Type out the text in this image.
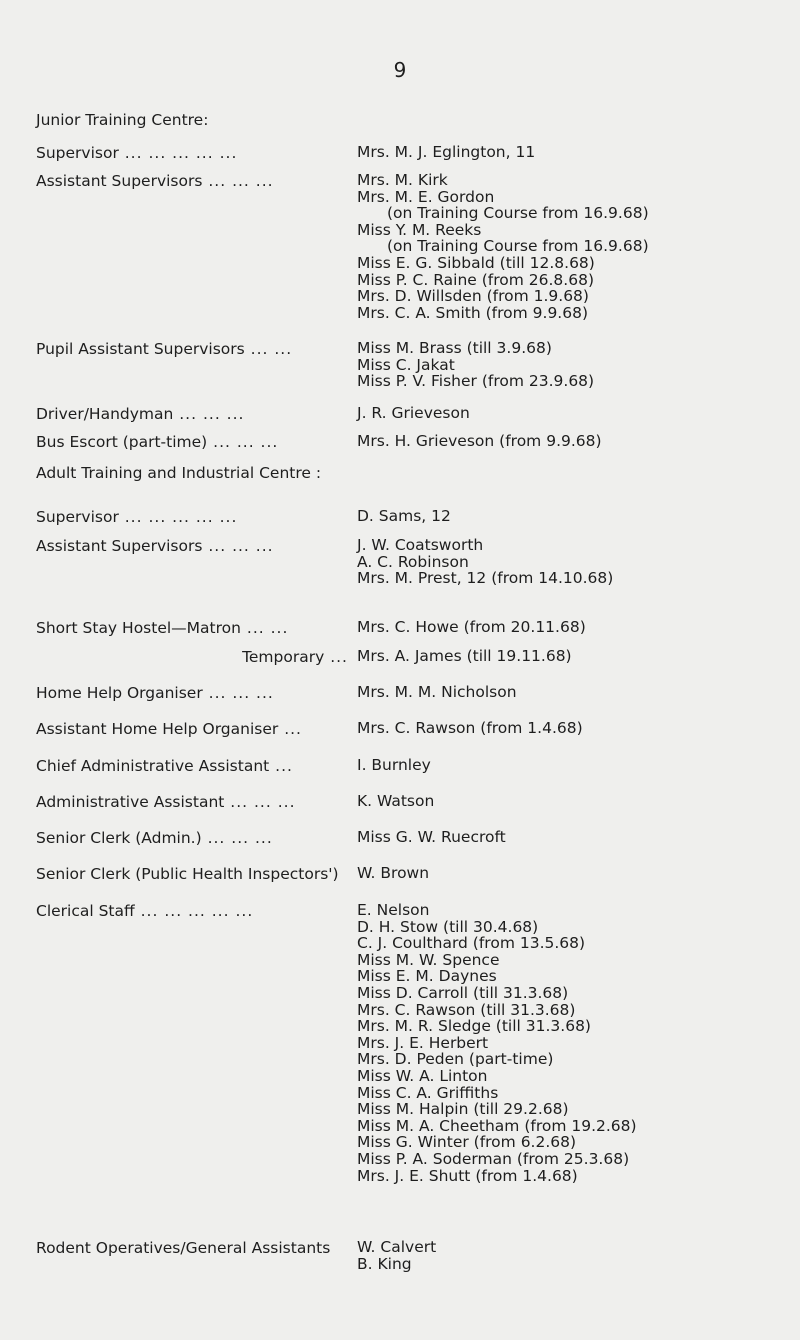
9
Junior Training Centre:
Supervisor ... ... ... ... ...	Mrs. M. J. Eglington, 11
Assistant Supervisors ... ... ...	Mrs. M. Kirk
Mrs. M. E. Gordon
(on Training Course from 16.9.68)
Miss Y. M. Reeks
(on Training Course from 16.9.68)
Miss E. G. Sibbald (till 12.8.68)
Miss P. C. Raine (from 26.8.68)
Mrs. D. Willsden (from 1.9.68)
Mrs. C. A. Smith (from 9.9.68)
Pupil Assistant Supervisors ... ...	Miss M. Brass (till 3.9.68)
Miss C. Jakat
Miss P. V. Fisher (from 23.9.68)
Driver/Handyman ... ... ...	J. R. Grieveson
Bus Escort (part-time) ... ... ...	Mrs. H. Grieveson (from 9.9.68)
Adult Training and Industrial Centre :
Supervisor ... ... ... ... ...	D. Sams, 12
Assistant Supervisors ... ... ...	J. W. Coatsworth
A. C. Robinson
Mrs. M. Prest, 12 (from 14.10.68)
Short Stay Hostel—Matron ... ...	Mrs. C. Howe (from 20.11.68)
Temporary ... Mrs. A. James (till 19.11.68)
Home Help Organiser ... ... ...	Mrs. M. M. Nicholson
Assistant Home Help Organiser ...	Mrs. C. Rawson (from 1.4.68)
Chief Administrative Assistant ...	I. Burnley
Administrative Assistant ... ... ...	K. Watson
Senior Clerk (Admin.) ... ... ...	Miss G. W. Ruecroft
Senior Clerk (Public Health Inspectors')	W. Brown
Clerical Staff ... ... ... ... ...	E. Nelson
D. H. Stow (till 30.4.68)
C. J. Coulthard (from 13.5.68)
Miss M. W. Spence
Miss E. M. Daynes
Miss D. Carroll (till 31.3.68)
Mrs. C. Rawson (till 31.3.68)
Mrs. M. R. Sledge (till 31.3.68)
Mrs. J. E. Herbert
Mrs. D. Peden (part-time)
Miss W. A. Linton
Miss C. A. Griffiths
Miss M. Halpin (till 29.2.68)
Miss M. A. Cheetham (from 19.2.68)
Miss G. Winter (from 6.2.68)
Miss P. A. Soderman (from 25.3.68)
Mrs. J. E. Shutt (from 1.4.68)
Rodent Operatives/General Assistants	W. Calvert
B. King
